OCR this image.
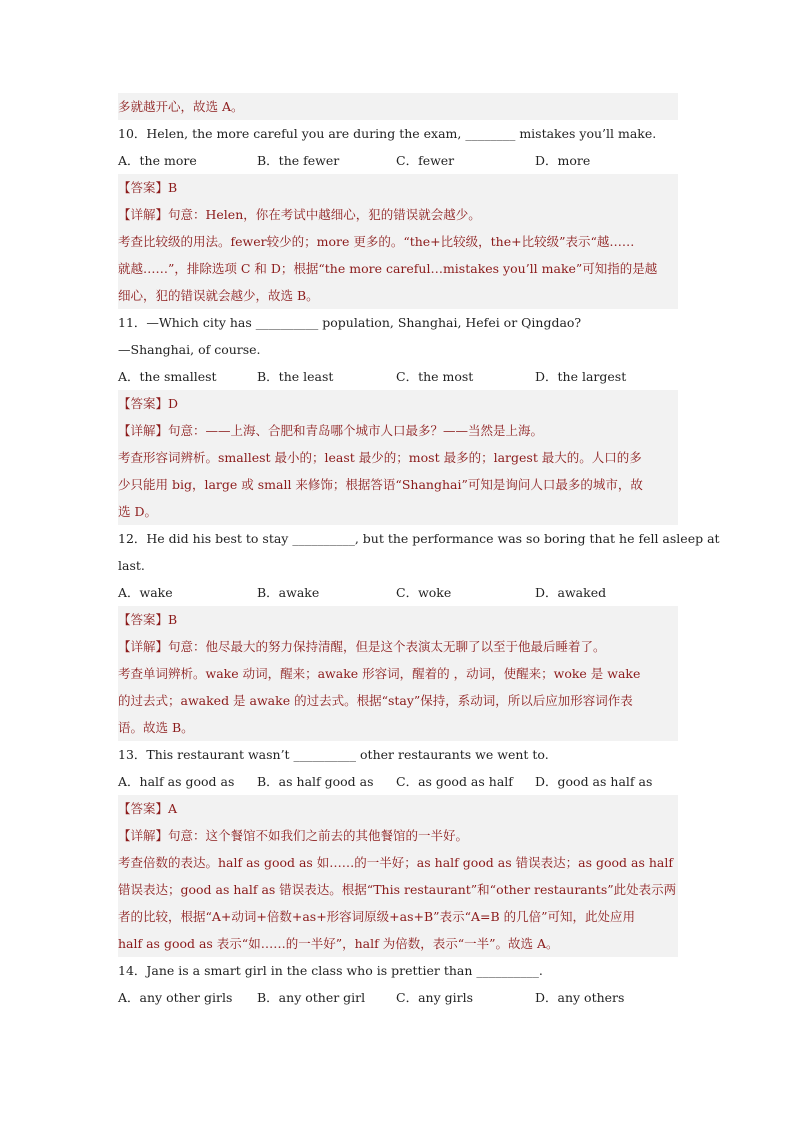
多就越开心，故选 A。
10．Helen, the more careful you are during the exam, ________ mistakes you’ll make.
A．the more	B．the fewer	C．fewer	D．more
【答案】B
【详解】句意：Helen，你在考试中越细心，犯的错误就会越少。
考查比较级的用法。fewer较少的；more 更多的。“the+比较级，the+比较级”表示“越……
就越……”，排除选项 C 和 D；根据“the more careful…mistakes you’ll make”可知指的是越
细心，犯的错误就会越少，故选 B。
11．—Which city has __________ population, Shanghai, Hefei or Qingdao?
—Shanghai, of course.
A．the smallest	B．the least	C．the most	D．the largest
【答案】D
【详解】句意：——上海、合肥和青岛哪个城市人口最多？——当然是上海。
考查形容词辨析。smallest 最小的；least 最少的；most 最多的；largest 最大的。人口的多
少只能用 big，large 或 small 来修饰；根据答语“Shanghai”可知是询问人口最多的城市，故
选 D。
12．He did his best to stay __________, but the performance was so boring that he fell asleep at
last.
A．wake	B．awake	C．woke	D．awaked
【答案】B
【详解】句意：他尽最大的努力保持清醒，但是这个表演太无聊了以至于他最后睡着了。
考查单词辨析。wake 动词，醒来；awake 形容词，醒着的 ，动词，使醒来；woke 是 wake
的过去式；awaked 是 awake 的过去式。根据“stay”保持，系动词，所以后应加形容词作表
语。故选 B。
13．This restaurant wasn’t __________ other restaurants we went to.
A．half as good as	B．as half good as	C．as good as half	D．good as half as
【答案】A
【详解】句意：这个餐馆不如我们之前去的其他餐馆的一半好。
考查倍数的表达。half as good as 如……的一半好；as half good as 错误表达；as good as half
错误表达；good as half as 错误表达。根据“This restaurant”和“other restaurants”此处表示两
者的比较，根据“A+动词+倍数+as+形容词原级+as+B”表示“A=B 的几倍”可知，此处应用
half as good as 表示“如……的一半好”，half 为倍数，表示“一半”。故选 A。
14．Jane is a smart girl in the class who is prettier than __________.
A．any other girls	B．any other girl	C．any girls	D．any others
